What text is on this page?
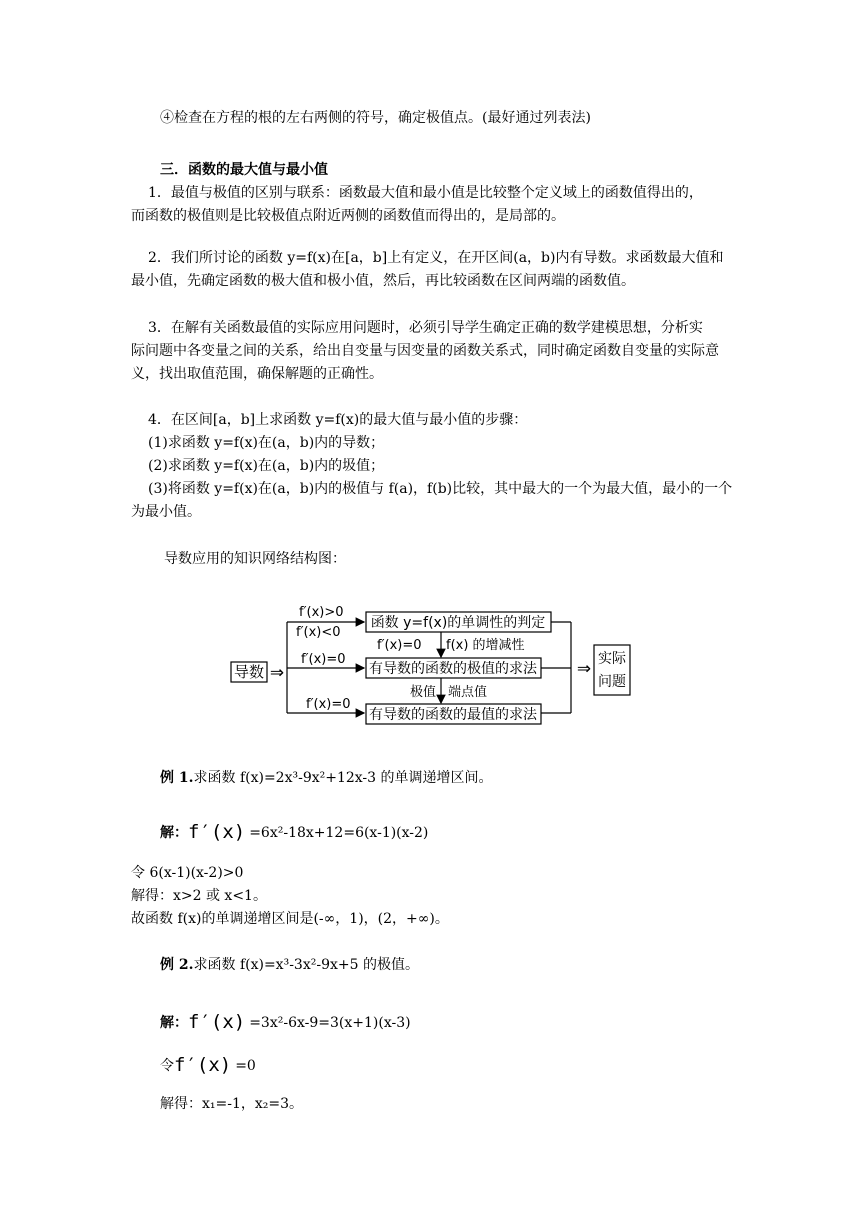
④检查在方程的根的左右两侧的符号，确定极值点。(最好通过列表法)
三．函数的最大值与最小值
1．最值与极值的区别与联系：函数最大值和最小值是比较整个定义域上的函数值得出的，
而函数的极值则是比较极值点附近两侧的函数值而得出的，是局部的。
2．我们所讨论的函数 y=f(x)在[a，b]上有定义，在开区间(a，b)内有导数。求函数最大值和
最小值，先确定函数的极大值和极小值，然后，再比较函数在区间两端的函数值。
3．在解有关函数最值的实际应用问题时，必须引导学生确定正确的数学建模思想，分析实
际问题中各变量之间的关系，给出自变量与因变量的函数关系式，同时确定函数自变量的实际意
义，找出取值范围，确保解题的正确性。
4．在区间[a，b]上求函数 y=f(x)的最大值与最小值的步骤：
(1)求函数 y=f(x)在(a，b)内的导数；
(2)求函数 y=f(x)在(a，b)内的圾值；
(3)将函数 y=f(x)在(a，b)内的极值与 f(a)，f(b)比较，其中最大的一个为最大值，最小的一个
为最小值。
导数应用的知识网络结构图：
导数 ⇒
f′(x)>0
f′(x)<0
f′(x)=0
f′(x)=0
函数 y=f(x)的单调性的判定
f′(x)=0 f(x) 的增减性
有导数的函数的极值的求法
极值 端点值
有导数的函数的最值的求法
⇒ 实际
问题
例 1.求函数 f(x)=2x³-9x²+12x-3 的单调递增区间。
解：f′(x) =6x²-18x+12=6(x-1)(x-2)
令 6(x-1)(x-2)>0
解得：x>2 或 x<1。
故函数 f(x)的单调递增区间是(-∞，1)，(2，+∞)。
例 2.求函数 f(x)=x³-3x²-9x+5 的极值。
解：f′(x) =3x²-6x-9=3(x+1)(x-3)
令f′(x) =0
解得：x₁=-1，x₂=3。
